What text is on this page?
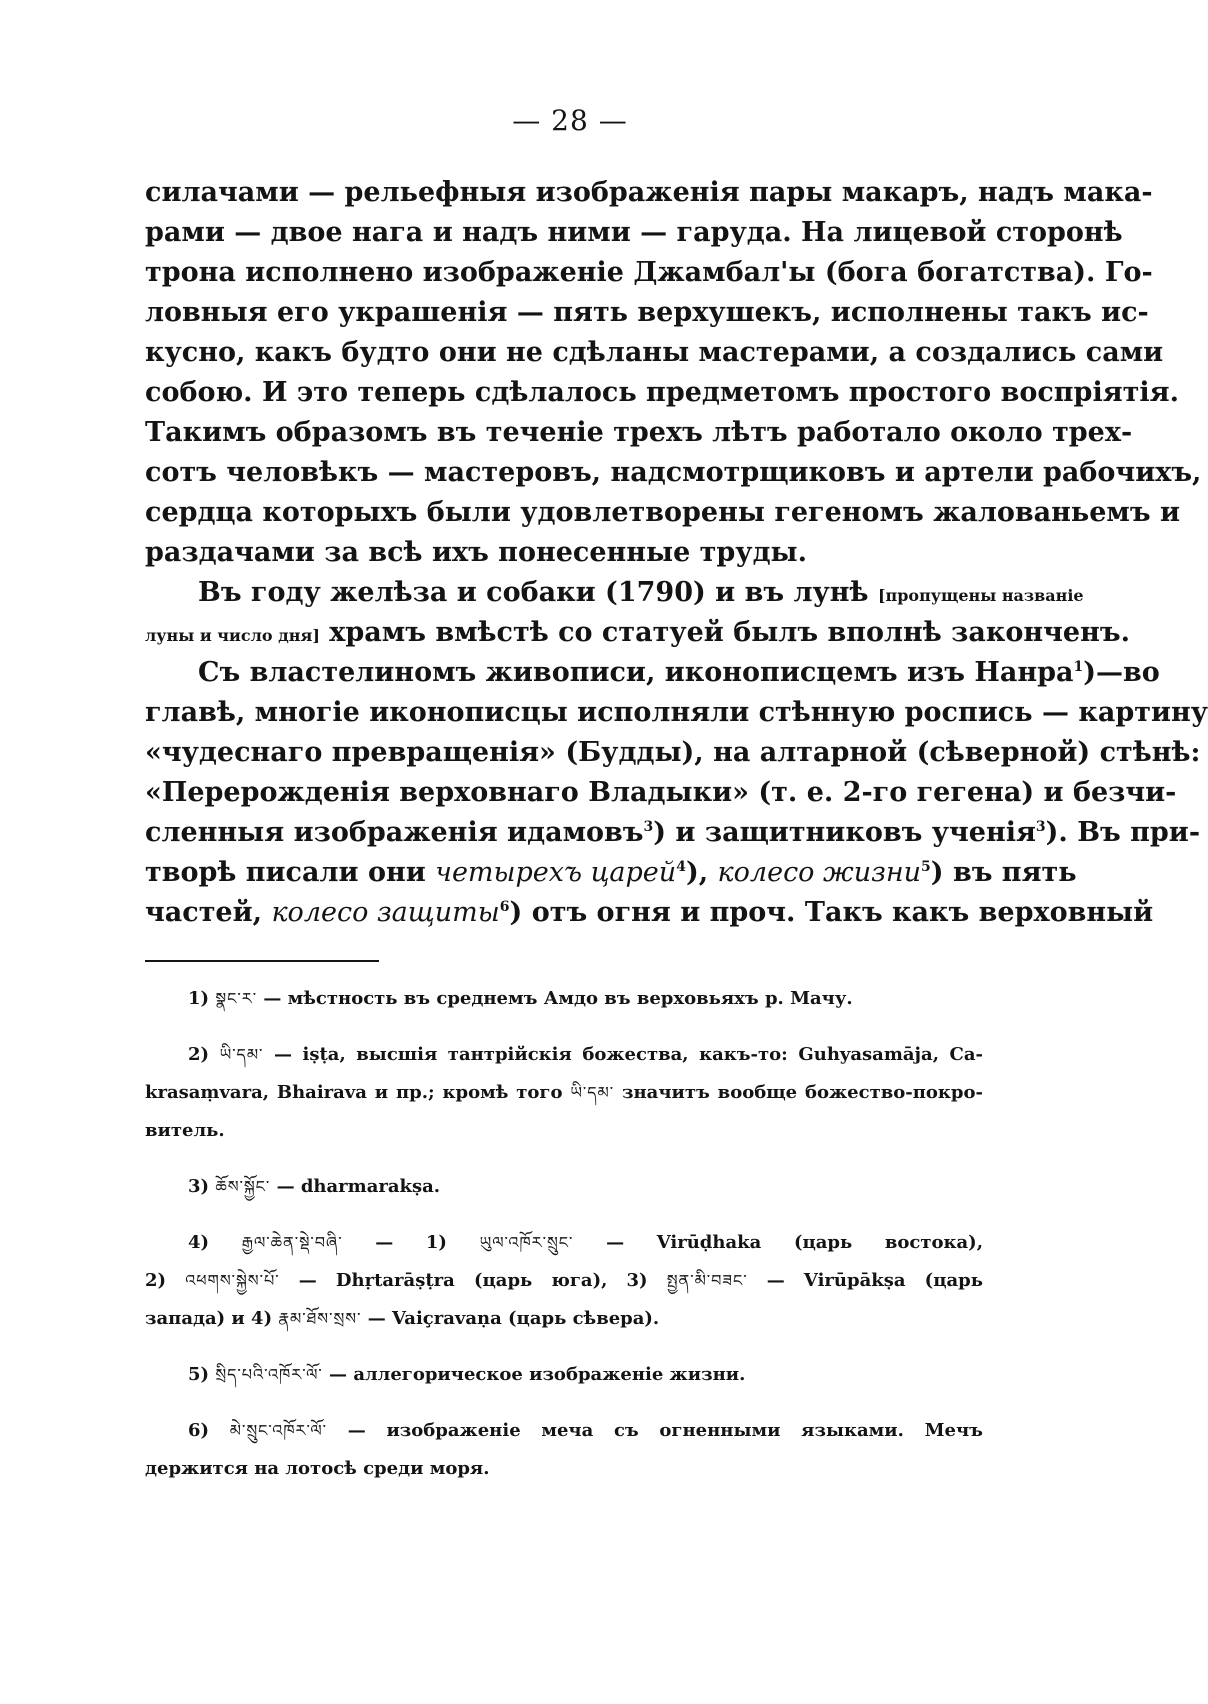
— 28 —
силачами — рельефныя изображенія пары макаръ, надъ мака-
рами — двое нага и надъ ними — гаруда. На лицевой сторонѣ
трона исполнено изображеніе Джамбал'ы (бога богатства). Го-
ловныя его украшенія — пять верхушекъ, исполнены такъ ис-
кусно, какъ будто они не сдѣланы мастерами, а создались сами
собою. И это теперь сдѣлалось предметомъ простого воспріятія.
Такимъ образомъ въ теченіе трехъ лѣтъ работало около трех-
сотъ человѣкъ — мастеровъ, надсмотрщиковъ и артели рабочихъ,
сердца которыхъ были удовлетворены гегеномъ жалованьемъ и
раздачами за всѣ ихъ понесенные труды.
Въ году желѣза и собаки (1790) и въ лунѣ [пропущены названіе
луны и число дня] храмъ вмѣстѣ со статуей былъ вполнѣ законченъ.
Съ властелиномъ живописи, иконописцемъ изъ Нанра$^1$)—во
главѣ, многіе иконописцы исполняли стѣнную роспись — картину
«чудеснаго превращенія» (Будды), на алтарной (сѣверной) стѣнѣ:
«Перерожденія верховнаго Владыки» (т. е. 2-го гегена) и безчи-
сленныя изображенія идамовъ$^3$) и защитниковъ ученія$^3$). Въ при-
творѣ писали они четырехъ царей$^4$), колесо жизни$^5$) въ пять
частей, колесо защиты$^6$) отъ огня и проч. Такъ какъ верховный
1) སྣང་ར་ — мѣстность въ среднемъ Амдо въ верховьяхъ р. Мачу.
2) ཡི་དམ་ — iṣṭa, высшія тантрійскія божества, какъ-то: Guhyasamāja, Ca-
krasaṃvara, Bhairava и пр.; кромѣ того ཡི་དམ་ значитъ вообще божество-покро-
витель.
3) ཆོས་སྐྱོང་ — dharmarakṣa.
4) རྒྱལ་ཆེན་སྡེ་བཞི་ — 1) ཡུལ་འཁོར་སྲུང་ — Virūḍhaka (царь востока),
2) འཕགས་སྐྱེས་པོ་ — Dhṛtarāṣṭra (царь юга), 3) སྤྱན་མི་བཟང་ — Virūpākṣa (царь
запада) и 4) རྣམ་ཐོས་སྲས་ — Vaiçravaṇa (царь сѣвера).
5) སྲིད་པའི་འཁོར་ལོ་ — аллегорическое изображеніе жизни.
6) མེ་སྲུང་འཁོར་ལོ་ — изображеніе меча съ огненными языками. Мечъ
держится на лотосѣ среди моря.
